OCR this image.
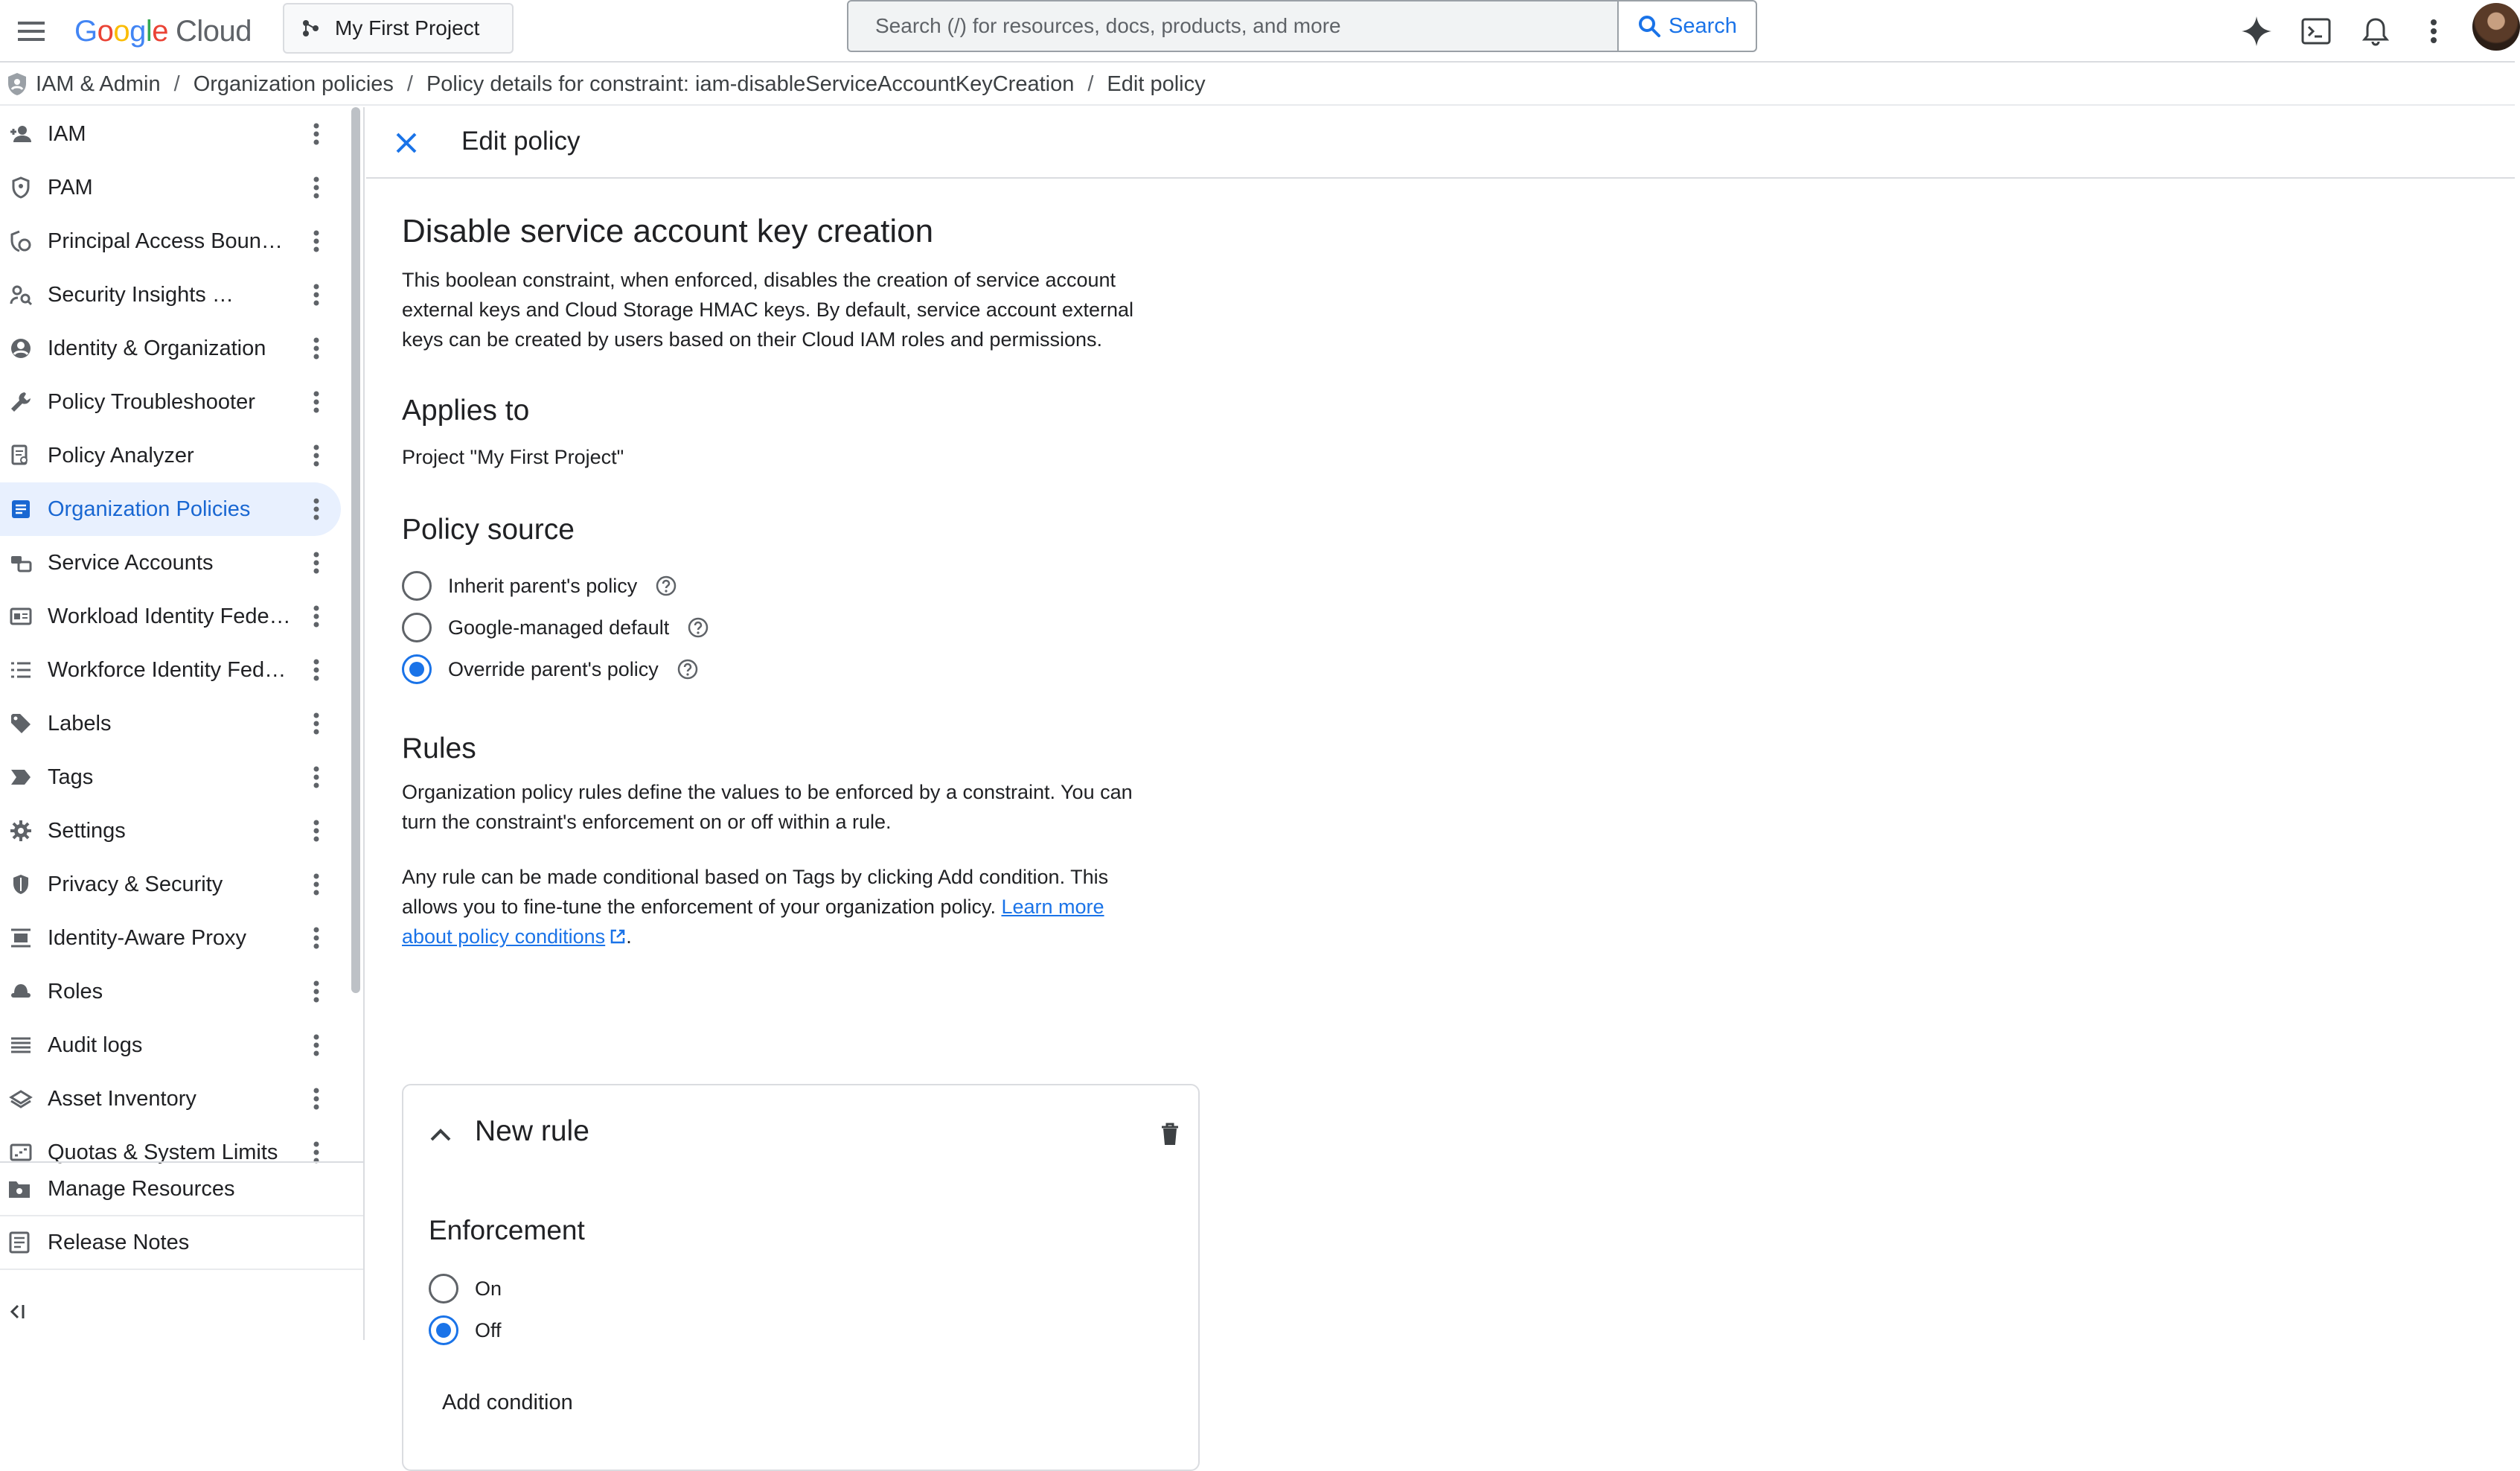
Google Cloud	My First Project	Search (/) for resources, docs, products, and more	Search
IAM & Admin / Organization policies / Policy details for constraint: iam-disableServiceAccountKeyCreation / Edit policy
IAM
PAM
Principal Access Boun…
Security Insights …
Identity & Organization
Policy Troubleshooter
Policy Analyzer
Organization Policies
Service Accounts
Workload Identity Fede…
Workforce Identity Fed…
Labels
Tags
Settings
Privacy & Security
Identity-Aware Proxy
Roles
Audit logs
Asset Inventory
Quotas & System Limits
Manage Resources
Release Notes
Edit policy
Disable service account key creation
This boolean constraint, when enforced, disables the creation of service account external keys and Cloud Storage HMAC keys. By default, service account external keys can be created by users based on their Cloud IAM roles and permissions.
Applies to
Project "My First Project"
Policy source
Inherit parent's policy
Google-managed default
Override parent's policy
Rules
Organization policy rules define the values to be enforced by a constraint. You can turn the constraint's enforcement on or off within a rule.
Any rule can be made conditional based on Tags by clicking Add condition. This allows you to fine-tune the enforcement of your organization policy. Learn more about policy conditions .
New rule
Enforcement
On
Off
Add condition
